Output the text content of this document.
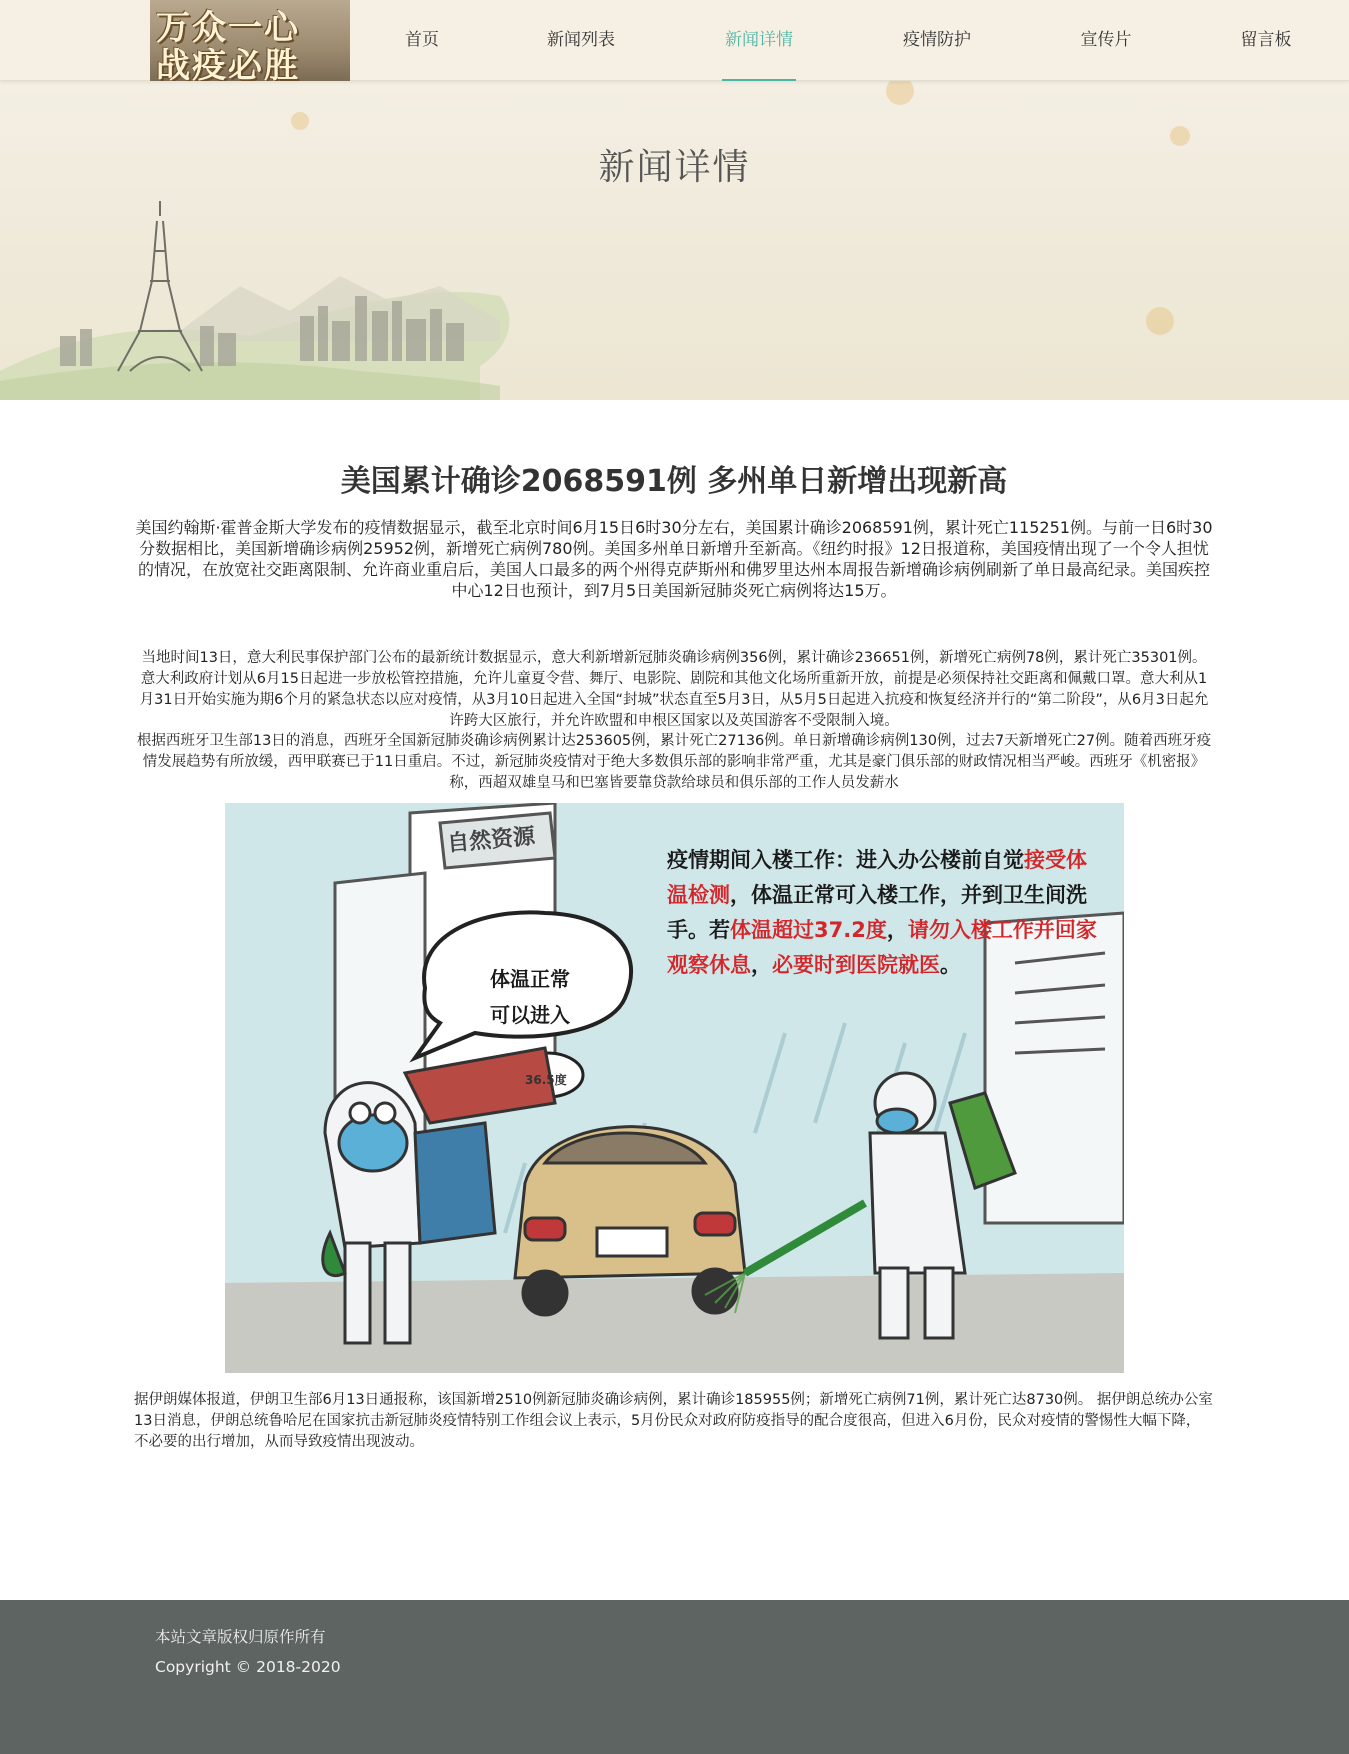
万众一心
战疫必胜
首页	新闻列表	新闻详情	疫情防护	宣传片	留言板
新闻详情
美国累计确诊2068591例 多州单日新增出现新高

美国约翰斯·霍普金斯大学发布的疫情数据显示，截至北京时间6月15日6时30分左右，美国累计确诊2068591例，累计死亡115251例。与前一日6时30分数据相比，美国新增确诊病例25952例，新增死亡病例780例。美国多州单日新增升至新高。《纽约时报》12日报道称，美国疫情出现了一个令人担忧的情况，在放宽社交距离限制、允许商业重启后，美国人口最多的两个州得克萨斯州和佛罗里达州本周报告新增确诊病例刷新了单日最高纪录。美国疾控中心12日也预计，到7月5日美国新冠肺炎死亡病例将达15万。

当地时间13日，意大利民事保护部门公布的最新统计数据显示，意大利新增新冠肺炎确诊病例356例，累计确诊236651例，新增死亡病例78例，累计死亡35301例。 意大利政府计划从6月15日起进一步放松管控措施，允许儿童夏令营、舞厅、电影院、剧院和其他文化场所重新开放，前提是必须保持社交距离和佩戴口罩。意大利从1月31日开始实施为期6个月的紧急状态以应对疫情，从3月10日起进入全国“封城”状态直至5月3日，从5月5日起进入抗疫和恢复经济并行的“第二阶段”，从6月3日起允许跨大区旅行，并允许欧盟和申根区国家以及英国游客不受限制入境。

根据西班牙卫生部13日的消息，西班牙全国新冠肺炎确诊病例累计达253605例，累计死亡27136例。单日新增确诊病例130例，过去7天新增死亡27例。随着西班牙疫情发展趋势有所放缓，西甲联赛已于11日重启。不过，新冠肺炎疫情对于绝大多数俱乐部的影响非常严重，尤其是豪门俱乐部的财政情况相当严峻。西班牙《机密报》称，西超双雄皇马和巴塞皆要靠贷款给球员和俱乐部的工作人员发薪水

自然资源
体温正常
可以进入
36.5度
疫情期间入楼工作：进入办公楼前自觉接受体温检测，体温正常可入楼工作，并到卫生间洗手。若体温超过37.2度，请勿入楼工作并回家观察休息，必要时到医院就医。

据伊朗媒体报道，伊朗卫生部6月13日通报称，该国新增2510例新冠肺炎确诊病例，累计确诊185955例；新增死亡病例71例，累计死亡达8730例。 据伊朗总统办公室13日消息，伊朗总统鲁哈尼在国家抗击新冠肺炎疫情特别工作组会议上表示，5月份民众对政府防疫指导的配合度很高，但进入6月份，民众对疫情的警惕性大幅下降，不必要的出行增加，从而导致疫情出现波动。

本站文章版权归原作所有
Copyright © 2018-2020
